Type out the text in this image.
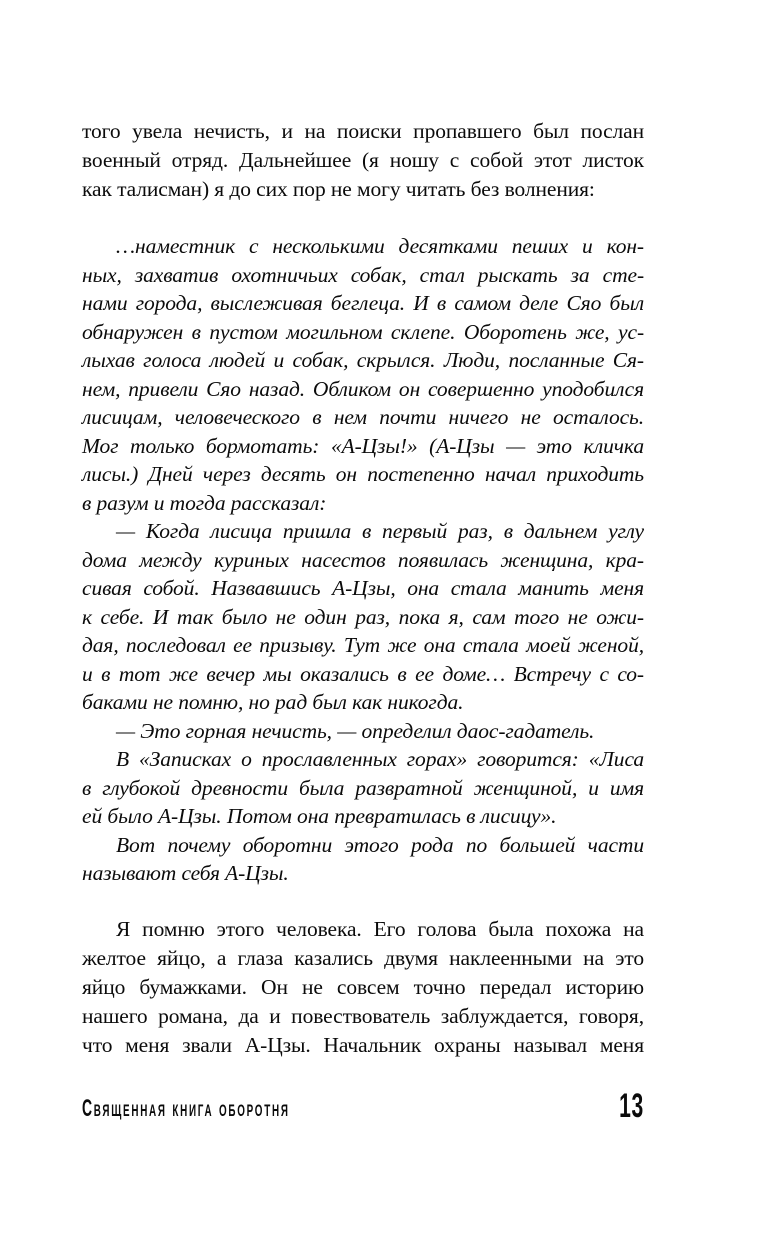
того увела нечисть, и на поиски пропавшего был послан
военный отряд. Дальнейшее (я ношу с собой этот листок
как талисман) я до сих пор не могу читать без волнения:
…наместник с несколькими десятками пеших и кон-
ных, захватив охотничьих собак, стал рыскать за сте-
нами города, выслеживая беглеца. И в самом деле Сяо был
обнаружен в пустом могильном склепе. Оборотень же, ус-
лыхав голоса людей и собак, скрылся. Люди, посланные Ся-
нем, привели Сяо назад. Обликом он совершенно уподобился
лисицам, человеческого в нем почти ничего не осталось.
Мог только бормотать: «А-Цзы!» (А-Цзы — это кличка
лисы.) Дней через десять он постепенно начал приходить
в разум и тогда рассказал:
— Когда лисица пришла в первый раз, в дальнем углу
дома между куриных насестов появилась женщина, кра-
сивая собой. Назвавшись А-Цзы, она стала манить меня
к себе. И так было не один раз, пока я, сам того не ожи-
дая, последовал ее призыву. Тут же она стала моей женой,
и в тот же вечер мы оказались в ее доме… Встречу с со-
баками не помню, но рад был как никогда.
— Это горная нечисть, — определил даос-гадатель.
В «Записках о прославленных горах» говорится: «Лиса
в глубокой древности была развратной женщиной, и имя
ей было А-Цзы. Потом она превратилась в лисицу».
Вот почему оборотни этого рода по большей части
называют себя А-Цзы.
Я помню этого человека. Его голова была похожа на
желтое яйцо, а глаза казались двумя наклеенными на это
яйцо бумажками. Он не совсем точно передал историю
нашего романа, да и повествователь заблуждается, говоря,
что меня звали А-Цзы. Начальник охраны называл меня
Священная книга оборотня	13
